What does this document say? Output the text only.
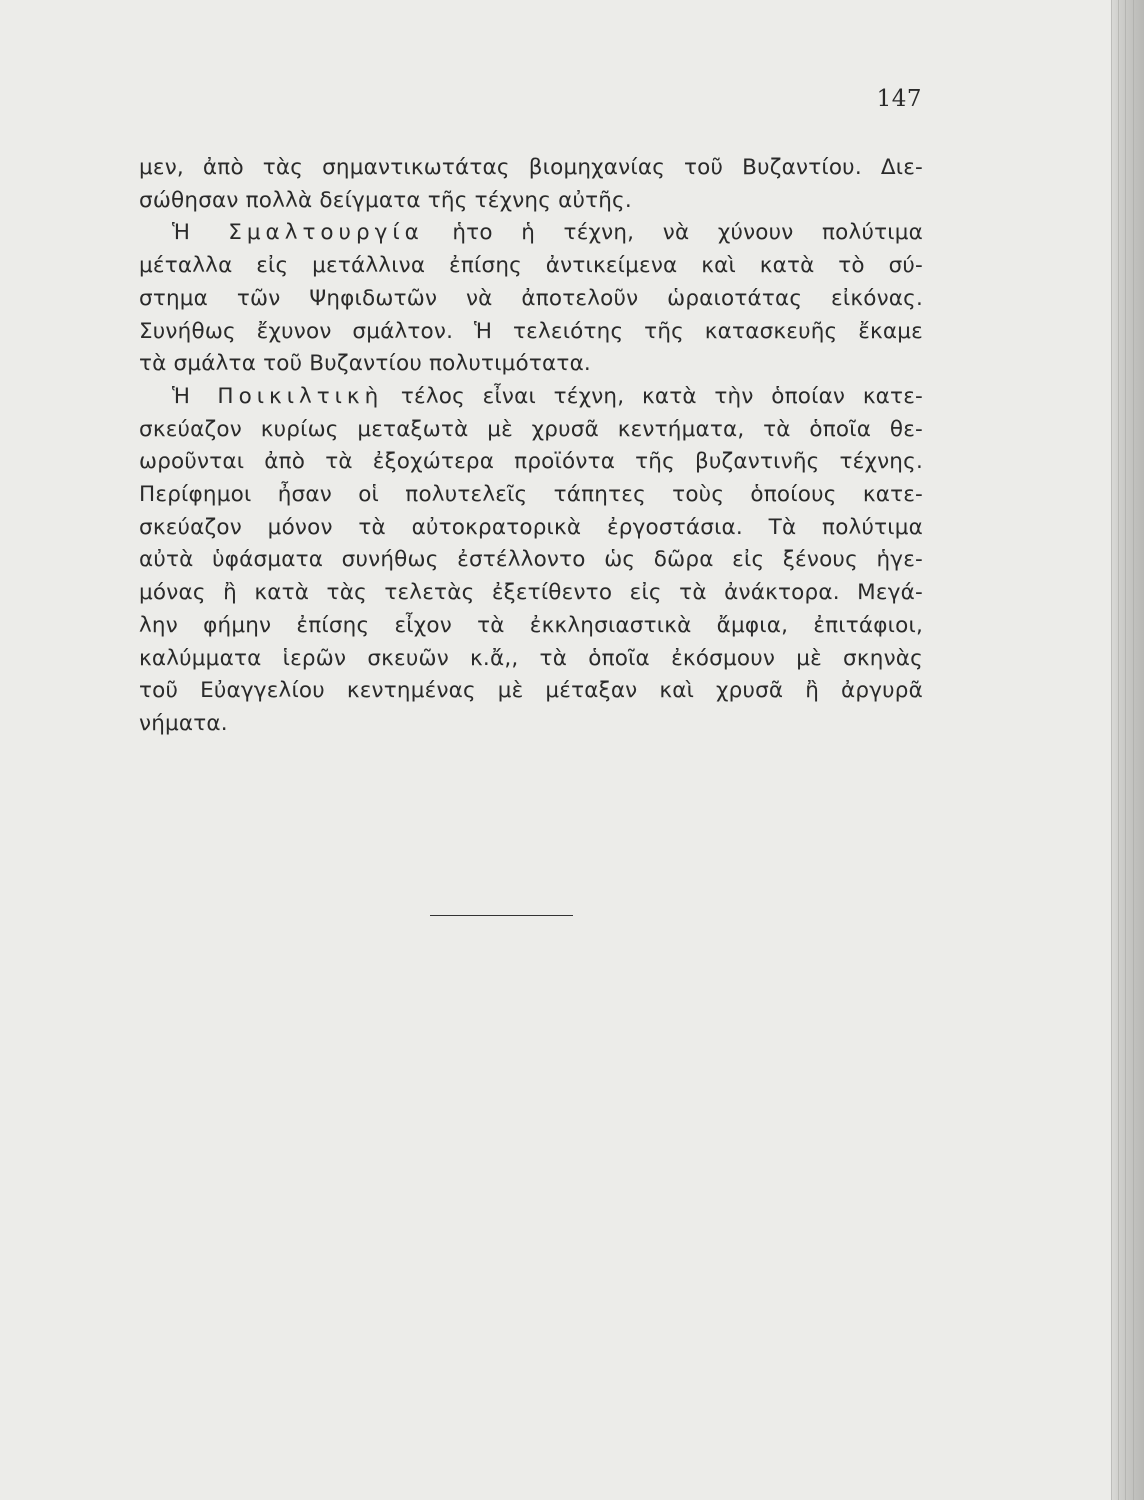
147
μεν, ἀπὸ τὰς σημαντικωτάτας βιομηχανίας τοῦ Βυζαντίου. Διε-
σώθησαν πολλὰ δείγματα τῆς τέχνης αὐτῆς.
Ἡ Σμαλτουργία ἡτο ἡ τέχνη, νὰ χύνουν πολύτιμα
μέταλλα εἰς μετάλλινα ἐπίσης ἀντικείμενα καὶ κατὰ τὸ σύ-
στημα τῶν Ψηφιδωτῶν νὰ ἀποτελοῦν ὡραιοτάτας εἰκόνας.
Συνήθως ἔχυνον σμάλτον. Ἡ τελειότης τῆς κατασκευῆς ἔκαμε
τὰ σμάλτα τοῦ Βυζαντίου πολυτιμότατα.
Ἡ Ποικιλτικὴ τέλος εἶναι τέχνη, κατὰ τὴν ὁποίαν κατε-
σκεύαζον κυρίως μεταξωτὰ μὲ χρυσᾶ κεντήματα, τὰ ὁποῖα θε-
ωροῦνται ἀπὸ τὰ ἐξοχώτερα προϊόντα τῆς βυζαντινῆς τέχνης.
Περίφημοι ἦσαν οἱ πολυτελεῖς τάπητες τοὺς ὁποίους κατε-
σκεύαζον μόνον τὰ αὐτοκρατορικὰ ἐργοστάσια. Τὰ πολύτιμα
αὐτὰ ὑφάσματα συνήθως ἐστέλλοντο ὡς δῶρα εἰς ξένους ἡγε-
μόνας ἢ κατὰ τὰς τελετὰς ἐξετίθεντο εἰς τὰ ἀνάκτορα. Μεγά-
λην φήμην ἐπίσης εἶχον τὰ ἐκκλησιαστικὰ ἄμφια, ἐπιτάφιοι,
καλύμματα ἱερῶν σκευῶν κ.ἄ,, τὰ ὁποῖα ἐκόσμουν μὲ σκηνὰς
τοῦ Εὐαγγελίου κεντημένας μὲ μέταξαν καὶ χρυσᾶ ἢ ἀργυρᾶ
νήματα.
